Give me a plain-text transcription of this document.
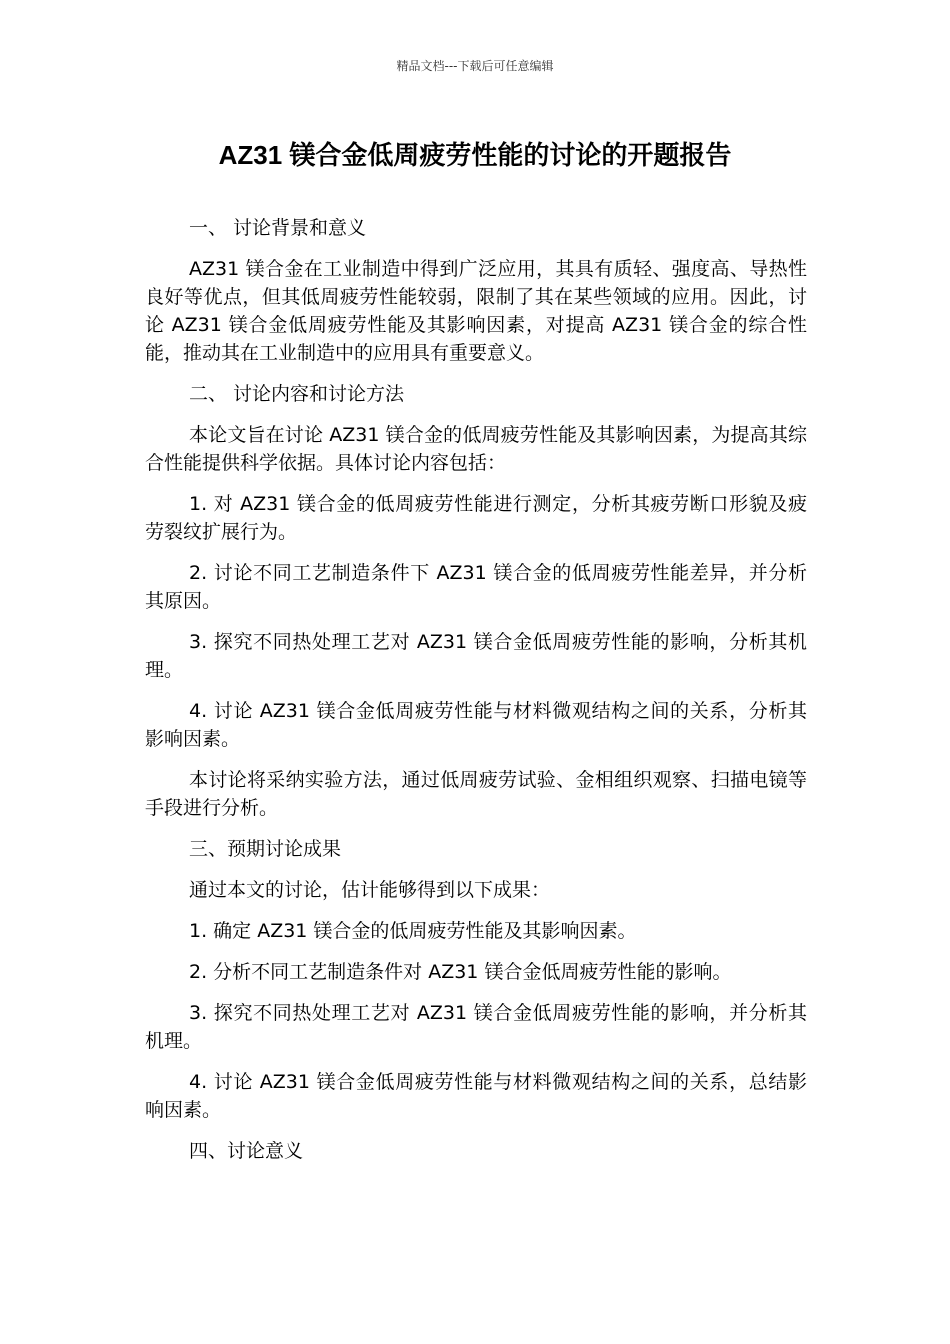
精品文档---下载后可任意编辑
AZ31 镁合金低周疲劳性能的讨论的开题报告

一、 讨论背景和意义

AZ31 镁合金在工业制造中得到广泛应用，其具有质轻、强度高、导热性良好等优点，但其低周疲劳性能较弱，限制了其在某些领域的应用。因此，讨论 AZ31 镁合金低周疲劳性能及其影响因素，对提高 AZ31 镁合金的综合性能，推动其在工业制造中的应用具有重要意义。

二、 讨论内容和讨论方法

本论文旨在讨论 AZ31 镁合金的低周疲劳性能及其影响因素，为提高其综合性能提供科学依据。具体讨论内容包括：

1. 对 AZ31 镁合金的低周疲劳性能进行测定，分析其疲劳断口形貌及疲劳裂纹扩展行为。

2. 讨论不同工艺制造条件下 AZ31 镁合金的低周疲劳性能差异，并分析其原因。

3. 探究不同热处理工艺对 AZ31 镁合金低周疲劳性能的影响，分析其机理。

4. 讨论 AZ31 镁合金低周疲劳性能与材料微观结构之间的关系，分析其影响因素。

本讨论将采纳实验方法，通过低周疲劳试验、金相组织观察、扫描电镜等手段进行分析。

三、预期讨论成果

通过本文的讨论，估计能够得到以下成果：

1. 确定 AZ31 镁合金的低周疲劳性能及其影响因素。

2. 分析不同工艺制造条件对 AZ31 镁合金低周疲劳性能的影响。

3. 探究不同热处理工艺对 AZ31 镁合金低周疲劳性能的影响，并分析其机理。

4. 讨论 AZ31 镁合金低周疲劳性能与材料微观结构之间的关系，总结影响因素。

四、讨论意义
